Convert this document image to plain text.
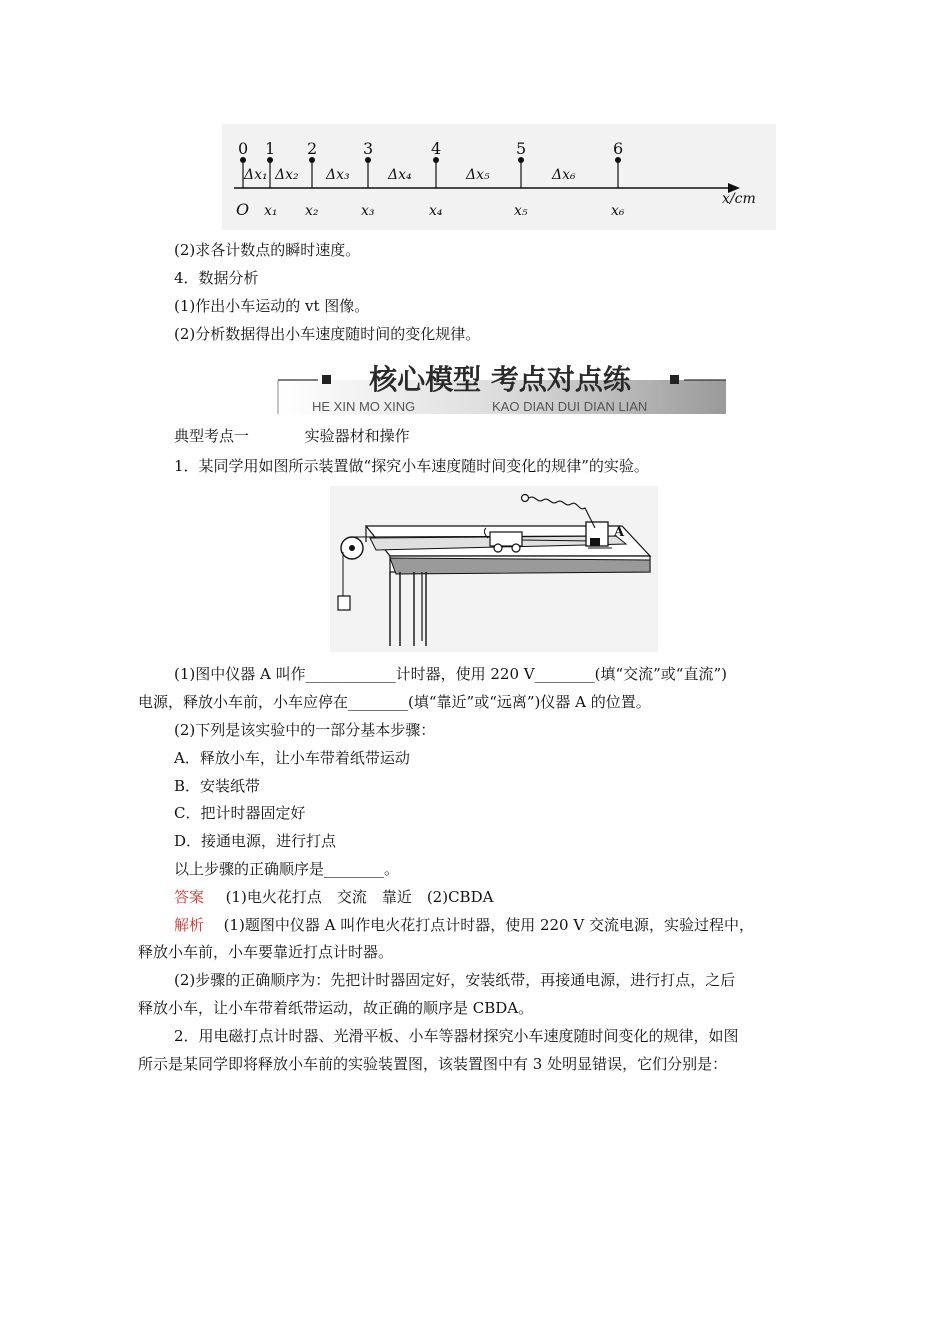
0 1 2	3	4	5	6
Δx₁ Δx₂ Δx₃	Δx₄	Δx₅	Δx₆
O x₁ x₂	x₃	x₄	x₅	x₆
x/cm
(2)求各计数点的瞬时速度。
4．数据分析
(1)作出小车运动的 vt 图像。
(2)分析数据得出小车速度随时间的变化规律。
核心模型 考点对点练
HE XIN MO XING	KAO DIAN DUI DIAN LIAN
典型考点一	实验器材和操作
1．某同学用如图所示装置做“探究小车速度随时间变化的规律”的实验。
A
(1)图中仪器 A 叫作____________计时器，使用 220 V________(填“交流”或“直流”)
电源，释放小车前，小车应停在________(填“靠近”或“远离”)仪器 A 的位置。
(2)下列是该实验中的一部分基本步骤：
A．释放小车，让小车带着纸带运动
B．安装纸带
C．把计时器固定好
D．接通电源，进行打点
以上步骤的正确顺序是________。
答案 (1)电火花打点　交流　靠近　(2)CBDA
解析 (1)题图中仪器 A 叫作电火花打点计时器，使用 220 V 交流电源，实验过程中，
释放小车前，小车要靠近打点计时器。
(2)步骤的正确顺序为：先把计时器固定好，安装纸带，再接通电源，进行打点，之后
释放小车，让小车带着纸带运动，故正确的顺序是 CBDA。
2．用电磁打点计时器、光滑平板、小车等器材探究小车速度随时间变化的规律，如图
所示是某同学即将释放小车前的实验装置图，该装置图中有 3 处明显错误，它们分别是：
